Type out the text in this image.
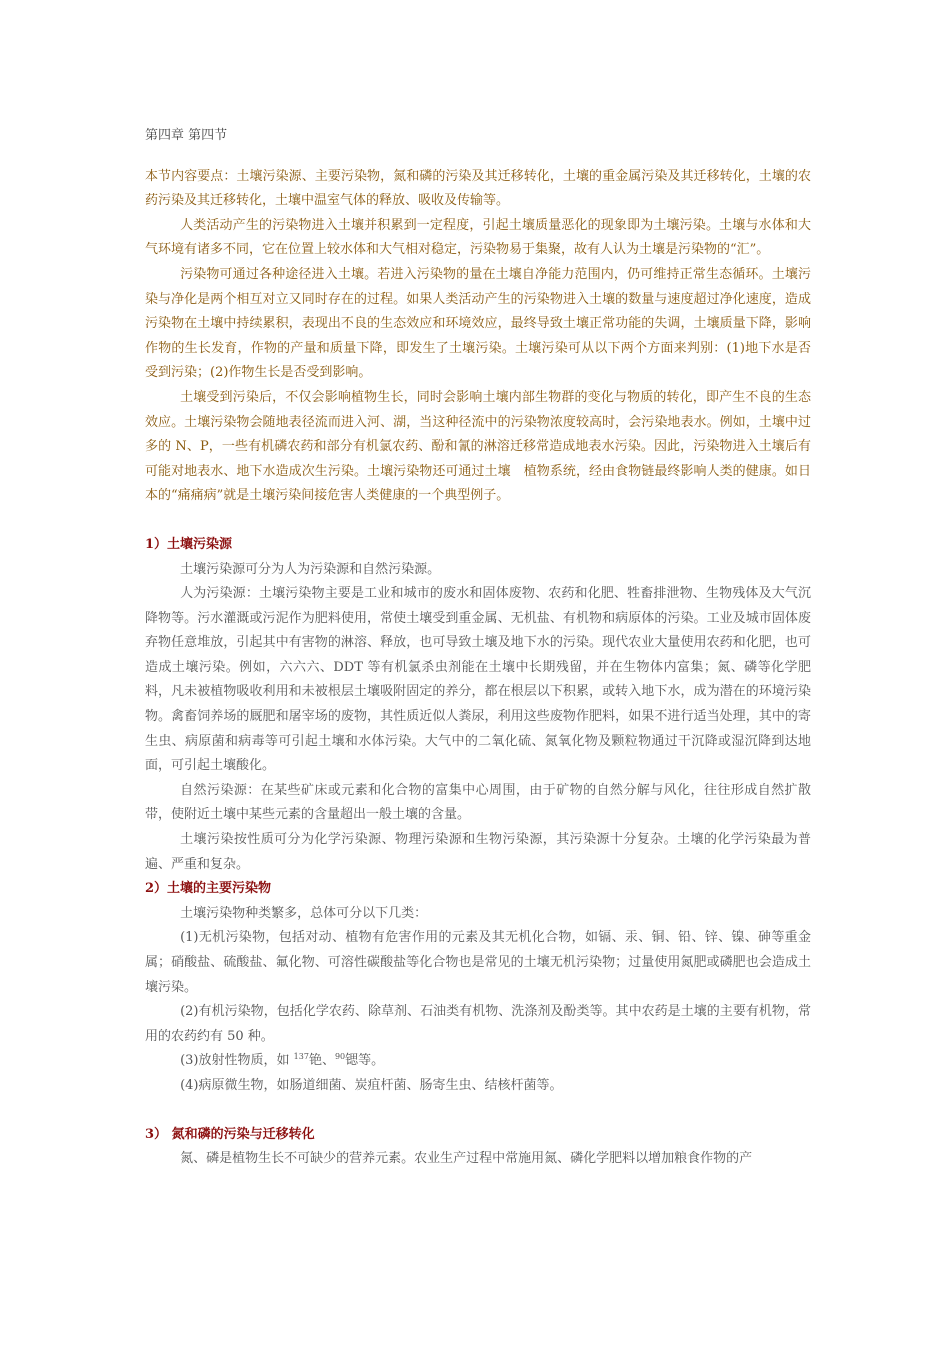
第四章 第四节

本节内容要点：土壤污染源、主要污染物，氮和磷的污染及其迁移转化，土壤的重金属污染及其迁移转化，土壤的农药污染及其迁移转化，土壤中温室气体的释放、吸收及传输等。

人类活动产生的污染物进入土壤并积累到一定程度，引起土壤质量恶化的现象即为土壤污染。土壤与水体和大气环境有诸多不同，它在位置上较水体和大气相对稳定，污染物易于集聚，故有人认为土壤是污染物的“汇”。

污染物可通过各种途径进入土壤。若进入污染物的量在土壤自净能力范围内，仍可维持正常生态循环。土壤污染与净化是两个相互对立又同时存在的过程。如果人类活动产生的污染物进入土壤的数量与速度超过净化速度，造成污染物在土壤中持续累积，表现出不良的生态效应和环境效应，最终导致土壤正常功能的失调，土壤质量下降，影响作物的生长发育，作物的产量和质量下降，即发生了土壤污染。土壤污染可从以下两个方面来判别：(1)地下水是否受到污染；(2)作物生长是否受到影响。

土壤受到污染后，不仅会影响植物生长，同时会影响土壤内部生物群的变化与物质的转化，即产生不良的生态效应。土壤污染物会随地表径流而进入河、湖，当这种径流中的污染物浓度较高时，会污染地表水。例如，土壤中过多的 N、P，一些有机磷农药和部分有机氯农药、酚和氰的淋溶迁移常造成地表水污染。因此，污染物进入土壤后有可能对地表水、地下水造成次生污染。土壤污染物还可通过土壤　植物系统，经由食物链最终影响人类的健康。如日本的“痛痛病”就是土壤污染间接危害人类健康的一个典型例子。

1）土壤污染源

土壤污染源可分为人为污染源和自然污染源。

人为污染源：土壤污染物主要是工业和城市的废水和固体废物、农药和化肥、牲畜排泄物、生物残体及大气沉降物等。污水灌溉或污泥作为肥料使用，常使土壤受到重金属、无机盐、有机物和病原体的污染。工业及城市固体废弃物任意堆放，引起其中有害物的淋溶、释放，也可导致土壤及地下水的污染。现代农业大量使用农药和化肥，也可造成土壤污染。例如，六六六、DDT 等有机氯杀虫剂能在土壤中长期残留，并在生物体内富集；氮、磷等化学肥料，凡未被植物吸收利用和未被根层土壤吸附固定的养分，都在根层以下积累，或转入地下水，成为潜在的环境污染物。禽畜饲养场的厩肥和屠宰场的废物，其性质近似人粪尿，利用这些废物作肥料，如果不进行适当处理，其中的寄生虫、病原菌和病毒等可引起土壤和水体污染。大气中的二氧化硫、氮氧化物及颗粒物通过干沉降或湿沉降到达地面，可引起土壤酸化。

自然污染源：在某些矿床或元素和化合物的富集中心周围，由于矿物的自然分解与风化，往往形成自然扩散带，使附近土壤中某些元素的含量超出一般土壤的含量。

土壤污染按性质可分为化学污染源、物理污染源和生物污染源，其污染源十分复杂。土壤的化学污染最为普遍、严重和复杂。

2）土壤的主要污染物

土壤污染物种类繁多，总体可分以下几类：

(1)无机污染物，包括对动、植物有危害作用的元素及其无机化合物，如镉、汞、铜、铅、锌、镍、砷等重金属；硝酸盐、硫酸盐、氟化物、可溶性碳酸盐等化合物也是常见的土壤无机污染物；过量使用氮肥或磷肥也会造成土壤污染。

(2)有机污染物，包括化学农药、除草剂、石油类有机物、洗涤剂及酚类等。其中农药是土壤的主要有机物，常用的农药约有 50 种。

(3)放射性物质，如 $^{137}$铯、$^{90}$锶等。

(4)病原微生物，如肠道细菌、炭疽杆菌、肠寄生虫、结核杆菌等。

3） 氮和磷的污染与迁移转化

氮、磷是植物生长不可缺少的营养元素。农业生产过程中常施用氮、磷化学肥料以增加粮食作物的产
